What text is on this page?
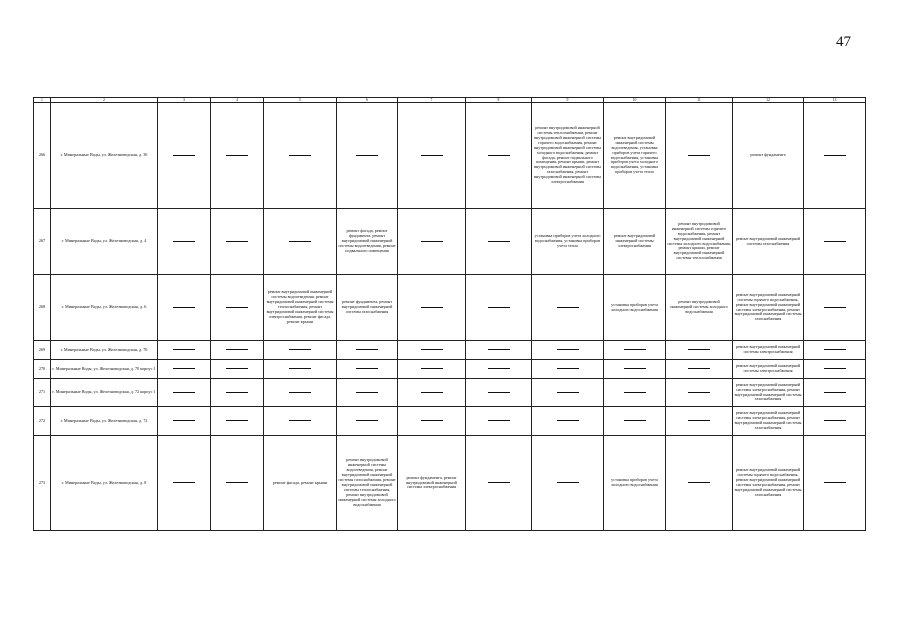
47
1	2	3	4	5	6	7	8	9	10	11	12	13
266	г. Минеральные Воды, ул. Железноводская, д. 30							ремонт внутридомовой инженерной системы теплоснабжения, ремонт внутридомовой инженерной системы горячего водоснабжения, ремонт внутридомовой инженерной системы холодного водоснабжения, ремонт фасада, ремонт подвального помещения, ремонт крыши, ремонт внутридомовой инженерной системы газоснабжения, ремонт внутридомовой инженерной системы электроснабжения	ремонт внутридомовой инженерной системы водоотведения, установка приборов учета горячего водоснабжения, установка приборов учета холодного водоснабжения, установка приборов учета тепла		ремонт фундамента	
267	г. Минеральные Воды, ул. Железноводская, д. 4				ремонт фасада, ремонт фундамента, ремонт внутридомовой инженерной системы водоотведения, ремонт подвального помещения			установка приборов учета холодного водоснабжения, установка приборов учета тепла	ремонт внутридомовой инженерной системы электроснабжения	ремонт внутридомовой инженерной системы горячего водоснабжения, ремонт внутридомовой инженерной системы холодного водоснабжения, ремонт крыши, ремонт внутридомовой инженерной системы теплоснабжения	ремонт внутридомовой инженерной системы газоснабжения	
268	г. Минеральные Воды, ул. Железноводская, д. 6			ремонт внутридомовой инженерной системы водоотведения, ремонт внутридомовой инженерной системы теплоснабжения, ремонт внутридомовой инженерной системы электроснабжения, ремонт фасада, ремонт крыши	ремонт фундамента, ремонт внутридомовой инженерной системы газоснабжения				установка приборов учета холодного водоснабжения	ремонт внутридомовой инженерной системы холодного водоснабжения	ремонт внутридомовой инженерной системы горячего водоснабжения, ремонт внутридомовой инженерной системы электроснабжения, ремонт внутридомовой инженерной системы газоснабжения	
269	г. Минеральные Воды, ул. Железноводская, д. 70										ремонт внутридомовой инженерной системы электроснабжения	
270	г. Минеральные Воды, ул. Железноводская, д. 70 корпус 1										ремонт внутридомовой инженерной системы электроснабжения	
271	г. Минеральные Воды, ул. Железноводская, д. 72 корпус 1										ремонт внутридомовой инженерной системы электроснабжения, ремонт внутридомовой инженерной системы газоснабжения	
272	г. Минеральные Воды, ул. Железноводская, д. 72										ремонт внутридомовой инженерной системы электроснабжения, ремонт внутридомовой инженерной системы газоснабжения	
273	г. Минеральные Воды, ул. Железноводская, д. 8			ремонт фасада, ремонт крыши	ремонт внутридомовой инженерной системы водоотведения, ремонт внутридомовой инженерной системы газоснабжения, ремонт внутридомовой инженерной системы теплоснабжения, ремонт внутридомовой инженерной системы холодного водоснабжения	ремонт фундамента, ремонт внутридомовой инженерной системы электроснабжения			установка приборов учета холодного водоснабжения		ремонт внутридомовой инженерной системы горячего водоснабжения, ремонт внутридомовой инженерной системы электроснабжения, ремонт внутридомовой инженерной системы газоснабжения	
